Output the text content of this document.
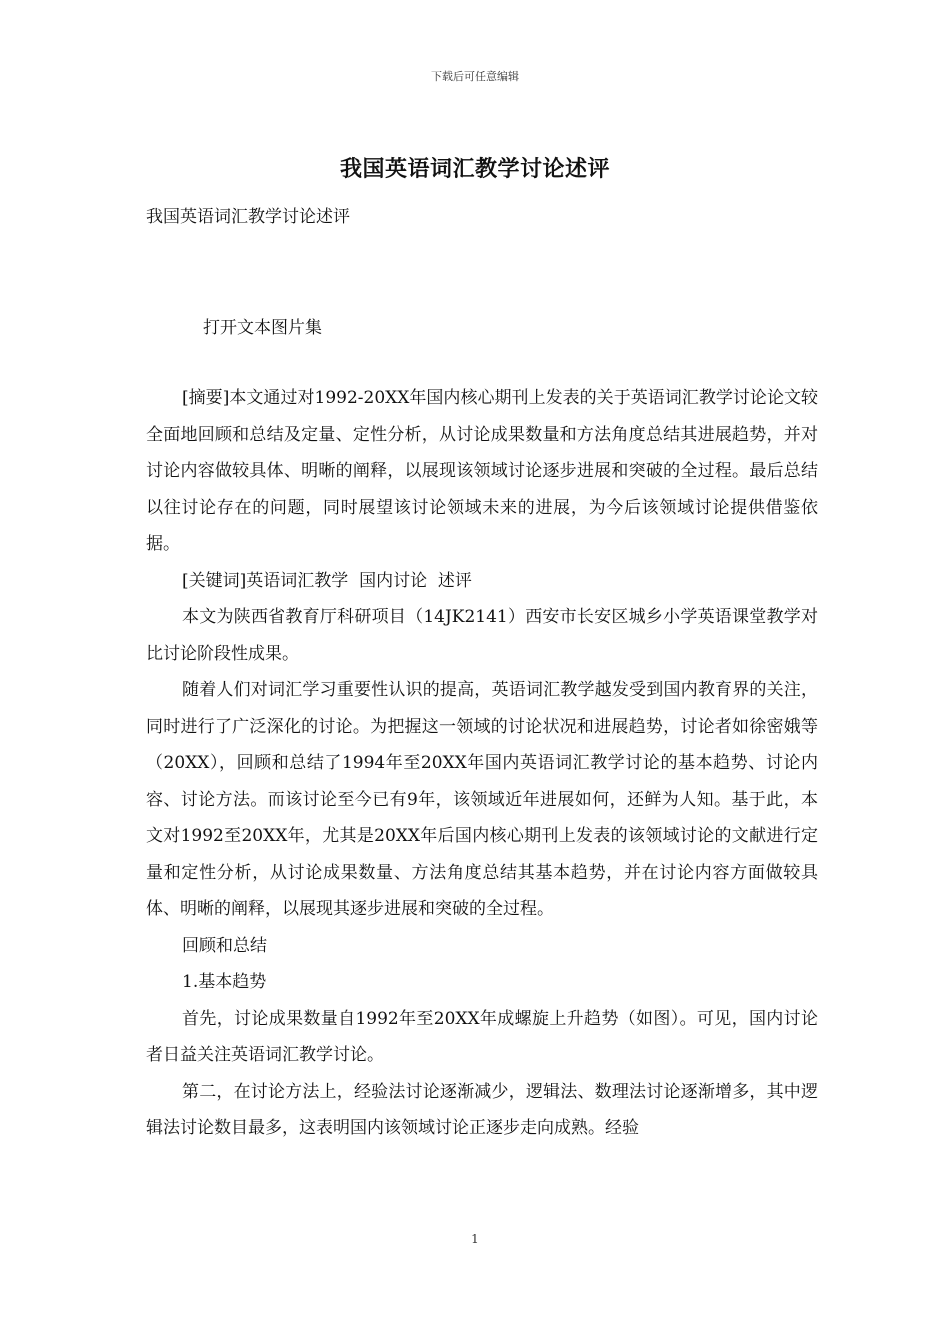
下载后可任意编辑
我国英语词汇教学讨论述评
我国英语词汇教学讨论述评
打开文本图片集

[摘要]本文通过对1992-20XX年国内核心期刊上发表的关于英语词汇教学讨论论文较全面地回顾和总结及定量、定性分析，从讨论成果数量和方法角度总结其进展趋势，并对讨论内容做较具体、明晰的阐释，以展现该领域讨论逐步进展和突破的全过程。最后总结以往讨论存在的问题，同时展望该讨论领域未来的进展，为今后该领域讨论提供借鉴依据。

[关键词]英语词汇教学  国内讨论  述评

本文为陕西省教育厅科研项目（14JK2141）西安市长安区城乡小学英语课堂教学对比讨论阶段性成果。

随着人们对词汇学习重要性认识的提高，英语词汇教学越发受到国内教育界的关注，同时进行了广泛深化的讨论。为把握这一领域的讨论状况和进展趋势，讨论者如徐密娥等（20XX），回顾和总结了1994年至20XX年国内英语词汇教学讨论的基本趋势、讨论内容、讨论方法。而该讨论至今已有9年，该领域近年进展如何，还鲜为人知。基于此，本文对1992至20XX年，尤其是20XX年后国内核心期刊上发表的该领域讨论的文献进行定量和定性分析，从讨论成果数量、方法角度总结其基本趋势，并在讨论内容方面做较具体、明晰的阐释，以展现其逐步进展和突破的全过程。

回顾和总结

1.基本趋势

首先，讨论成果数量自1992年至20XX年成螺旋上升趋势（如图）。可见，国内讨论者日益关注英语词汇教学讨论。

第二，在讨论方法上，经验法讨论逐渐减少，逻辑法、数理法讨论逐渐增多，其中逻辑法讨论数目最多，这表明国内该领域讨论正逐步走向成熟。经验

1
